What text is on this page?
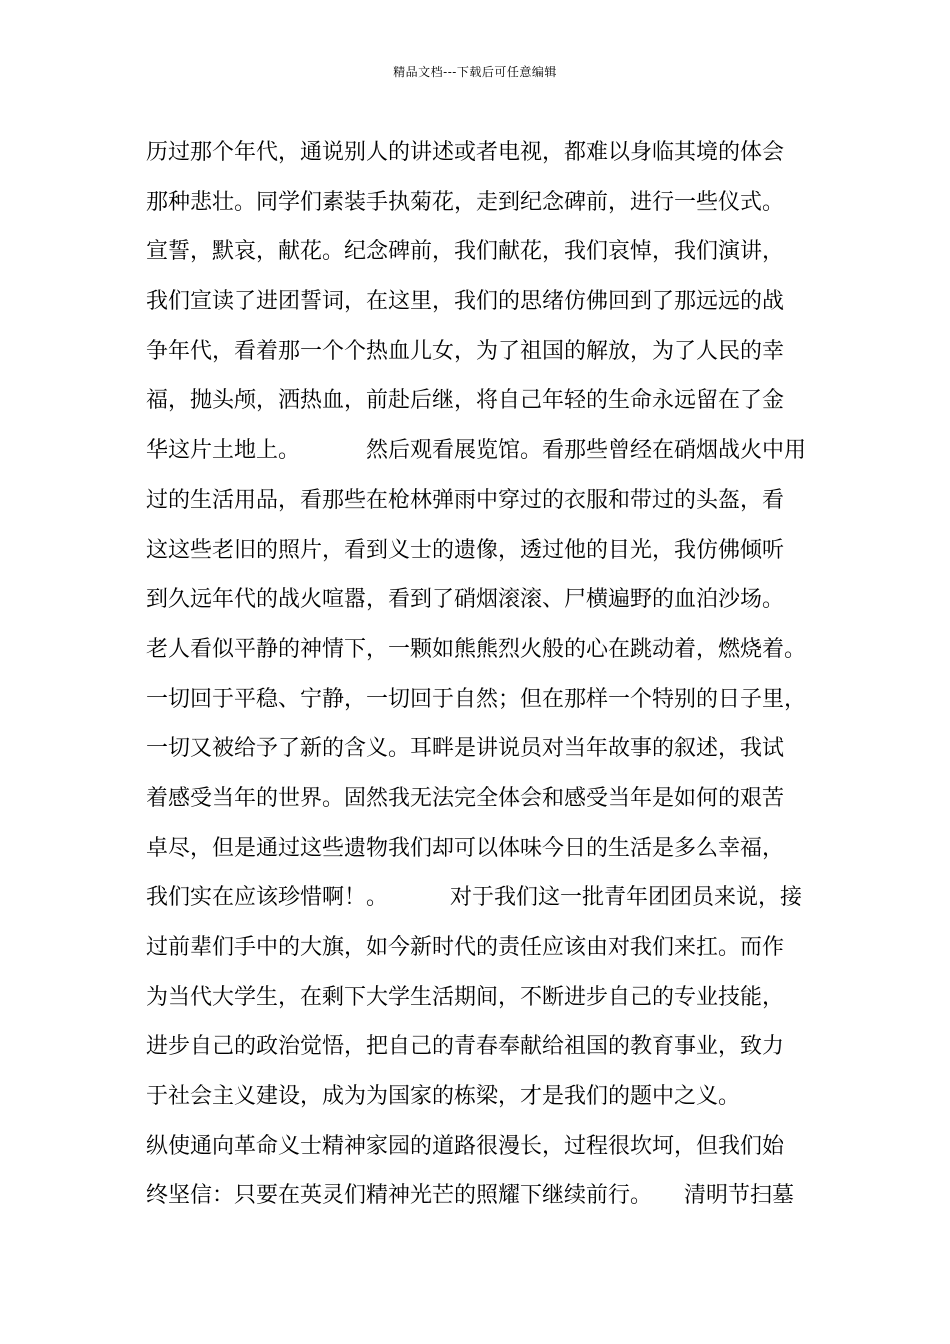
精品文档---下载后可任意编辑
历过那个年代，通说别人的讲述或者电视，都难以身临其境的体会
那种悲壮。同学们素装手执菊花，走到纪念碑前，进行一些仪式。
宣誓，默哀，献花。纪念碑前，我们献花，我们哀悼，我们演讲，
我们宣读了进团誓词，在这里，我们的思绪仿佛回到了那远远的战
争年代，看着那一个个热血儿女，为了祖国的解放，为了人民的幸
福，抛头颅，洒热血，前赴后继，将自己年轻的生命永远留在了金
华这片土地上。	然后观看展览馆。看那些曾经在硝烟战火中用
过的生活用品，看那些在枪林弹雨中穿过的衣服和带过的头盔，看
这这些老旧的照片，看到义士的遗像，透过他的目光，我仿佛倾听
到久远年代的战火喧嚣，看到了硝烟滚滚、尸横遍野的血泊沙场。
老人看似平静的神情下，一颗如熊熊烈火般的心在跳动着，燃烧着。
一切回于平稳、宁静，一切回于自然；但在那样一个特别的日子里，
一切又被给予了新的含义。耳畔是讲说员对当年故事的叙述，我试
着感受当年的世界。固然我无法完全体会和感受当年是如何的艰苦
卓尽，但是通过这些遗物我们却可以体味今日的生活是多么幸福，
我们实在应该珍惜啊！。	对于我们这一批青年团团员来说，接
过前辈们手中的大旗，如今新时代的责任应该由对我们来扛。而作
为当代大学生，在剩下大学生活期间，不断进步自己的专业技能，
进步自己的政治觉悟，把自己的青春奉献给祖国的教育事业，致力
于社会主义建设，成为为国家的栋梁，才是我们的题中之义。
纵使通向革命义士精神家园的道路很漫长，过程很坎坷，但我们始
终坚信：只要在英灵们精神光芒的照耀下继续前行。 清明节扫墓
